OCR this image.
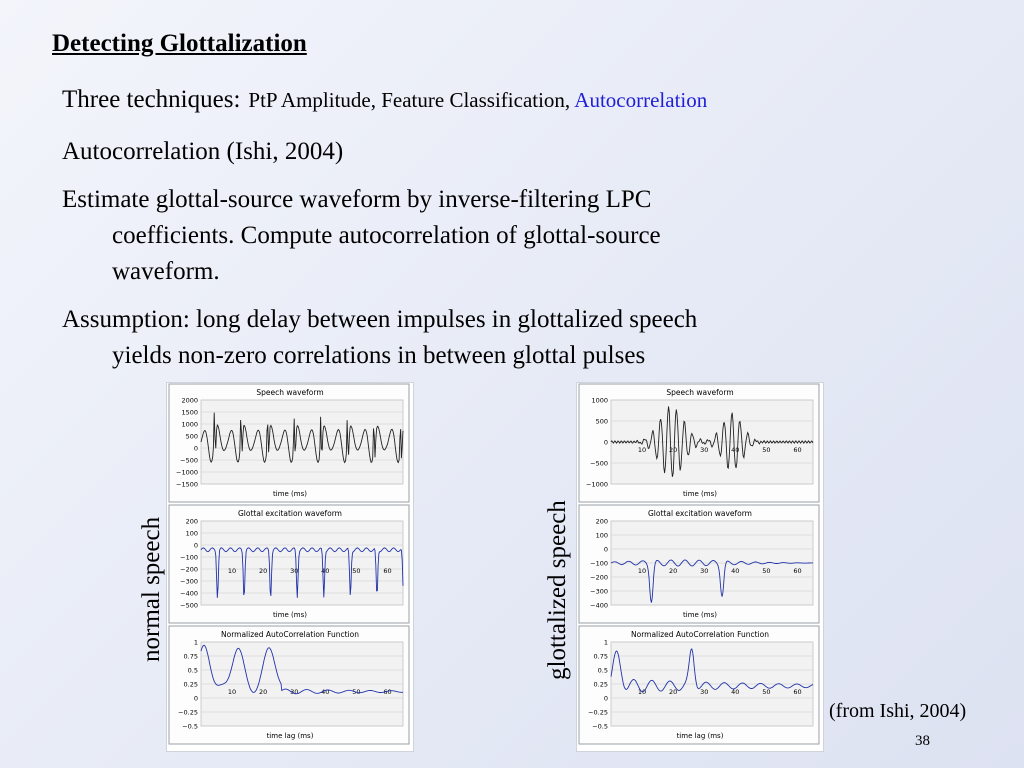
Detecting Glottalization
Three techniques: PtP Amplitude, Feature Classification, Autocorrelation
Autocorrelation (Ishi, 2004)
Estimate glottal-source waveform by inverse-filtering LPC
coefficients. Compute autocorrelation of glottal-source
waveform.
Assumption: long delay between impulses in glottalized speech
yields non-zero correlations in between glottal pulses
normal speech	glottalized speech
Speech waveform
2000
1500
1000
500
0
−500
−1000
−1500
time (ms)
Glottal excitation waveform
200
100
0
−100
−200
−300
−400
−500
10	20	30	40	50	60
time (ms)
Normalized AutoCorrelation Function
1
0.75
0.5
0.25
0
−0.25
−0.5
10	20	30	40	50	60
time lag (ms)
Speech waveform
1000
500
0
−500
−1000
10	20	30	40	50	60
time (ms)
Glottal excitation waveform
200
100
0
−100
−200
−300
−400
10	20	30	40	50	60
time (ms)
Normalized AutoCorrelation Function
1
0.75
0.5
0.25
0
−0.25
−0.5
10	20	30	40	50	60
time lag (ms)
(from Ishi, 2004)
38
